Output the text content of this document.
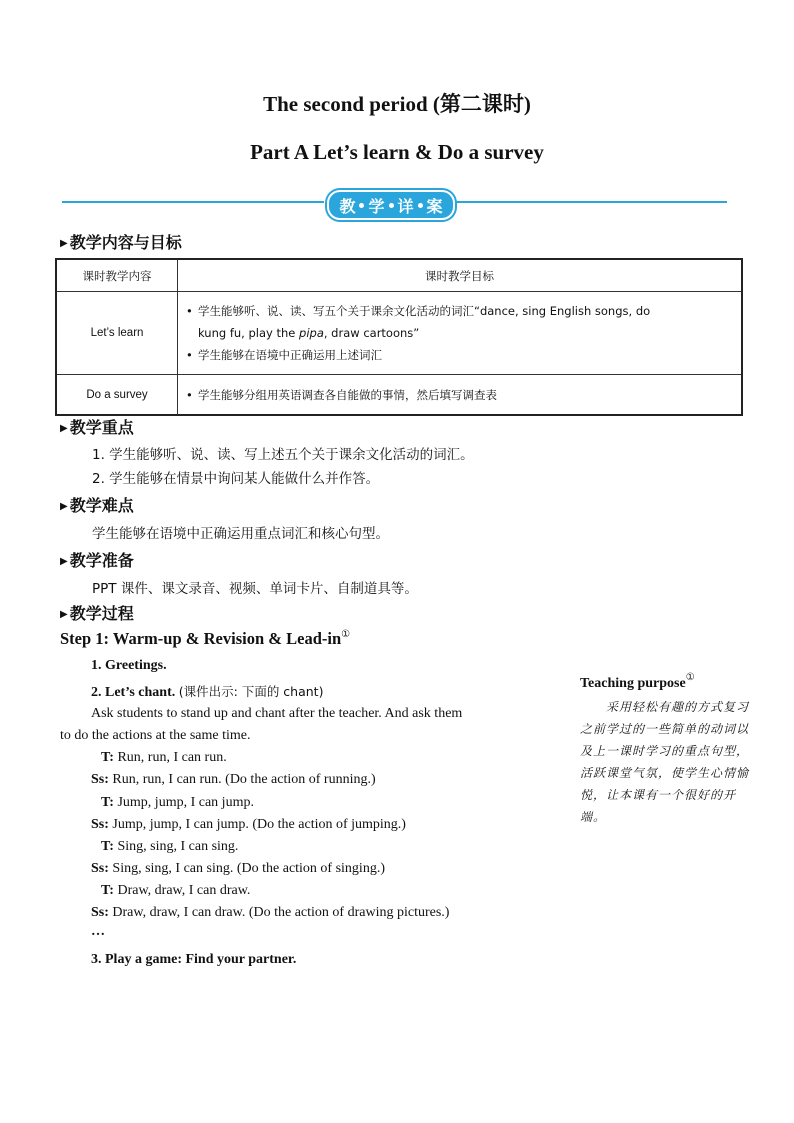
The second period (第二课时)
Part A Let’s learn & Do a survey
教 学 详 案
▶ 教学内容与目标
课时教学内容	课时教学目标
Let’s learn	• 学生能够听、说、读、写五个关于课余文化活动的词汇“dance, sing English songs, do
kung fu, play the pipa, draw cartoons”
• 学生能够在语境中正确运用上述词汇

Do a survey	• 学生能够分组用英语调查各自能做的事情，然后填写调查表
▶ 教学重点
1. 学生能够听、说、读、写上述五个关于课余文化活动的词汇。
2. 学生能够在情景中询问某人能做什么并作答。
▶ 教学难点
学生能够在语境中正确运用重点词汇和核心句型。
▶ 教学准备
PPT 课件、课文录音、视频、单词卡片、自制道具等。
▶ 教学过程
Step 1: Warm-up & Revision & Lead-in①
1. Greetings.
2. Let’s chant. (课件出示: 下面的 chant)
Ask students to stand up and chant after the teacher. And ask them
to do the actions at the same time.
T: Run, run, I can run.
Ss: Run, run, I can run. (Do the action of running.)
T: Jump, jump, I can jump.
Ss: Jump, jump, I can jump. (Do the action of jumping.)
T: Sing, sing, I can sing.
Ss: Sing, sing, I can sing. (Do the action of singing.)
T: Draw, draw, I can draw.
Ss: Draw, draw, I can draw. (Do the action of drawing pictures.)
…
3. Play a game: Find your partner.
Teaching purpose①
　　采用轻松有趣的方式复习之前学过的一些简单的动词以及上一课时学习的重点句型，活跃课堂气氛，使学生心情愉悦，让本课有一个很好的开端。
